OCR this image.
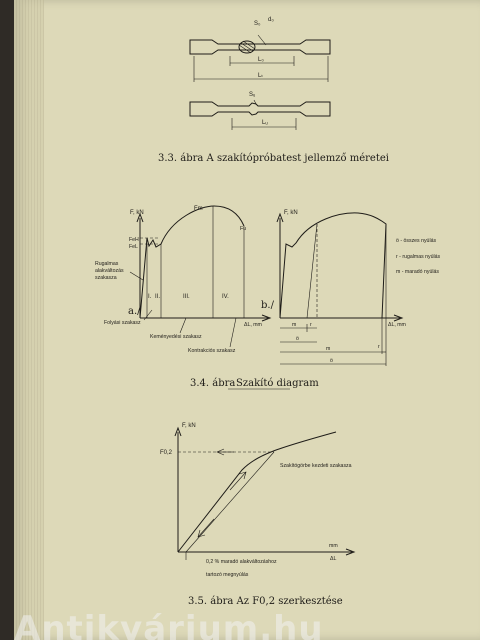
S₀
d₀
L₀
Lₜ
Sᵤ
Lᵤ
3.3. ábra A szakítópróbatest jellemző méretei
F, kN
Fm
Fu
FeH
FeL
I. II.	III.	IV.
a./
ΔL, mm
Rugalmas
alakváltozás
szakasza
Folyási szakasz
Keményedési szakasz
Kontrakciós szakasz
F, kN
b./
ΔL, mm
m	r
ö
m	r
ö
ö - összes nyúlás
r - rugalmas nyúlás
m - maradó nyúlás
3.4. ábra Szakító diagram
F, kN
F0,2
Szakítógörbe kezdeti szakasza
mm
ΔL
0,2 % maradó alakváltozáshoz
tartozó megnyúlás
3.5. ábra Az F0,2 szerkesztése
Antikvárium.hu
